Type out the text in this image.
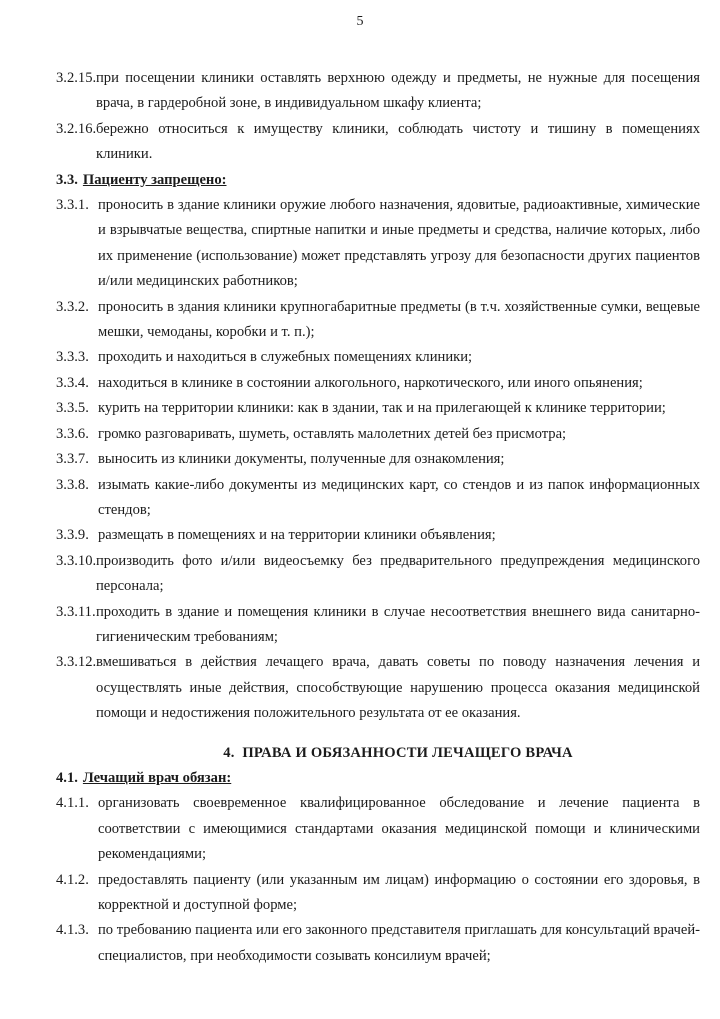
5
3.2.15. при посещении клиники оставлять верхнюю одежду и предметы, не нужные для посещения врача, в гардеробной зоне, в индивидуальном шкафу клиента;
3.2.16. бережно относиться к имуществу клиники, соблюдать чистоту и тишину в помещениях клиники.
3.3. Пациенту запрещено:
3.3.1. проносить в здание клиники оружие любого назначения, ядовитые, радиоактивные, химические и взрывчатые вещества, спиртные напитки и иные предметы и средства, наличие которых, либо их применение (использование) может представлять угрозу для безопасности других пациентов и/или медицинских работников;
3.3.2. проносить в здания клиники крупногабаритные предметы (в т.ч. хозяйственные сумки, вещевые мешки, чемоданы, коробки и т. п.);
3.3.3. проходить и находиться в служебных помещениях клиники;
3.3.4. находиться в клинике в состоянии алкогольного, наркотического, или иного опьянения;
3.3.5. курить на территории клиники: как в здании, так и на прилегающей к клинике территории;
3.3.6. громко разговаривать, шуметь, оставлять малолетних детей без присмотра;
3.3.7. выносить из клиники документы, полученные для ознакомления;
3.3.8. изымать какие-либо документы из медицинских карт, со стендов и из папок информационных стендов;
3.3.9. размещать в помещениях и на территории клиники объявления;
3.3.10. производить фото и/или видеосъемку без предварительного предупреждения медицинского персонала;
3.3.11. проходить в здание и помещения клиники в случае несоответствия внешнего вида санитарно-гигиеническим требованиям;
3.3.12. вмешиваться в действия лечащего врача, давать советы по поводу назначения лечения и осуществлять иные действия, способствующие нарушению процесса оказания медицинской помощи и недостижения положительного результата от ее оказания.
4. ПРАВА И ОБЯЗАННОСТИ ЛЕЧАЩЕГО ВРАЧА
4.1. Лечащий врач обязан:
4.1.1. организовать своевременное квалифицированное обследование и лечение пациента в соответствии с имеющимися стандартами оказания медицинской помощи и клиническими рекомендациями;
4.1.2. предоставлять пациенту (или указанным им лицам) информацию о состоянии его здоровья, в корректной и доступной форме;
4.1.3. по требованию пациента или его законного представителя приглашать для консультаций врачей-специалистов, при необходимости созывать консилиум врачей;
